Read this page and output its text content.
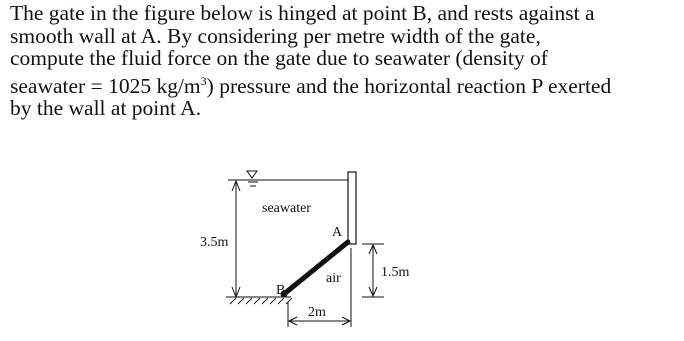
The gate in the figure below is hinged at point B, and rests against a

smooth wall at A. By considering per metre width of the gate,

compute the fluid force on the gate due to seawater (density of

seawater = 1025 $kg/m^3$) pressure and the horizontal reaction P exerted

by the wall at point A.

3.5m
seawater
A
B
air	1.5m
2m
